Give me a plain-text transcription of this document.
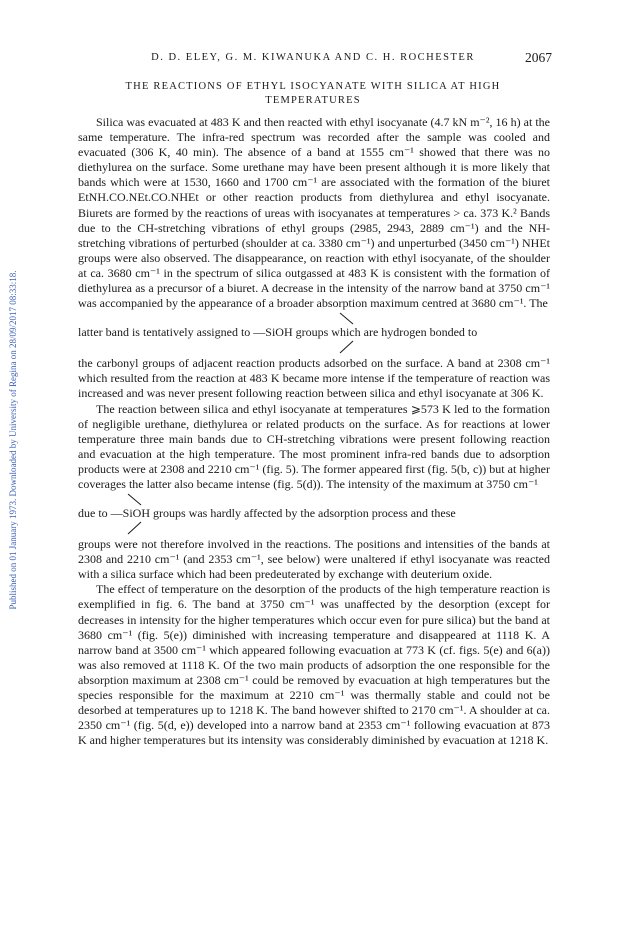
Published on 01 January 1973. Downloaded by University of Regina on 28/09/2017 08:33:18.
D. D. ELEY, G. M. KIWANUKA AND C. H. ROCHESTER	2067
THE REACTIONS OF ETHYL ISOCYANATE WITH SILICA AT HIGH TEMPERATURES

Silica was evacuated at 483 K and then reacted with ethyl isocyanate (4.7 kN m⁻², 16 h) at the same temperature. The infra-red spectrum was recorded after the sample was cooled and evacuated (306 K, 40 min). The absence of a band at 1555 cm⁻¹ showed that there was no diethylurea on the surface. Some urethane may have been present although it is more likely that bands which were at 1530, 1660 and 1700 cm⁻¹ are associated with the formation of the biuret EtNH.CO.NEt.CO.NHEt or other reaction products from diethylurea and ethyl isocyanate. Biurets are formed by the reactions of ureas with isocyanates at temperatures > ca. 373 K.² Bands due to the CH-stretching vibrations of ethyl groups (2985, 2943, 2889 cm⁻¹) and the NH-stretching vibrations of perturbed (shoulder at ca. 3380 cm⁻¹) and unperturbed (3450 cm⁻¹) NHEt groups were also observed. The disappearance, on reaction with ethyl isocyanate, of the shoulder at ca. 3680 cm⁻¹ in the spectrum of silica outgassed at 483 K is consistent with the formation of diethylurea as a precursor of a biuret. A decrease in the intensity of the narrow band at 3750 cm⁻¹ was accompanied by the appearance of a broader absorption maximum centred at 3680 cm⁻¹. The

latter band is tentatively assigned to —SiOH groups which are hydrogen bonded to

the carbonyl groups of adjacent reaction products adsorbed on the surface. A band at 2308 cm⁻¹ which resulted from the reaction at 483 K became more intense if the temperature of reaction was increased and was never present following reaction between silica and ethyl isocyanate at 306 K.

The reaction between silica and ethyl isocyanate at temperatures ⩾573 K led to the formation of negligible urethane, diethylurea or related products on the surface. As for reactions at lower temperature three main bands due to CH-stretching vibrations were present following reaction and evacuation at the high temperature. The most prominent infra-red bands due to adsorption products were at 2308 and 2210 cm⁻¹ (fig. 5). The former appeared first (fig. 5(b, c)) but at higher coverages the latter also became intense (fig. 5(d)). The intensity of the maximum at 3750 cm⁻¹

due to —SiOH groups was hardly affected by the adsorption process and these

groups were not therefore involved in the reactions. The positions and intensities of the bands at 2308 and 2210 cm⁻¹ (and 2353 cm⁻¹, see below) were unaltered if ethyl isocyanate was reacted with a silica surface which had been predeuterated by exchange with deuterium oxide.

The effect of temperature on the desorption of the products of the high temperature reaction is exemplified in fig. 6. The band at 3750 cm⁻¹ was unaffected by the desorption (except for decreases in intensity for the higher temperatures which occur even for pure silica) but the band at 3680 cm⁻¹ (fig. 5(e)) diminished with increasing temperature and disappeared at 1118 K. A narrow band at 3500 cm⁻¹ which appeared following evacuation at 773 K (cf. figs. 5(e) and 6(a)) was also removed at 1118 K. Of the two main products of adsorption the one responsible for the absorption maximum at 2308 cm⁻¹ could be removed by evacuation at high temperatures but the species responsible for the maximum at 2210 cm⁻¹ was thermally stable and could not be desorbed at temperatures up to 1218 K. The band however shifted to 2170 cm⁻¹. A shoulder at ca. 2350 cm⁻¹ (fig. 5(d, e)) developed into a narrow band at 2353 cm⁻¹ following evacuation at 873 K and higher temperatures but its intensity was considerably diminished by evacuation at 1218 K.
